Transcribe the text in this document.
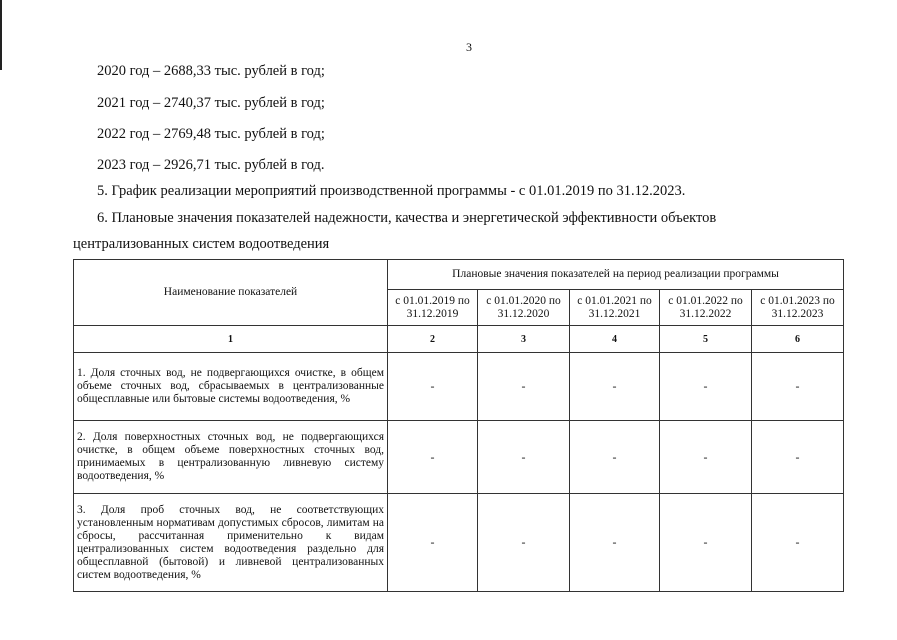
3
2020 год – 2688,33 тыс. рублей в год;
2021 год – 2740,37 тыс. рублей в год;
2022 год – 2769,48 тыс. рублей в год;
2023 год – 2926,71 тыс. рублей в год.
5. График реализации мероприятий производственной программы - с 01.01.2019 по 31.12.2023.
6. Плановые значения показателей надежности, качества и энергетической эффективности объектов
централизованных систем водоотведения
Наименование показателей	Плановые значения показателей на период реализации программы				
	с 01.01.2019 по 31.12.2019	с 01.01.2020 по 31.12.2020	с 01.01.2021 по 31.12.2021	с 01.01.2022 по 31.12.2022	с 01.01.2023 по 31.12.2023
1	2	3	4	5	6
1. Доля сточных вод, не подвергающихся очистке, в общем объеме сточных вод, сбрасываемых в централизованные общесплавные или бытовые системы водоотведения, %	-	-	-	-	-
2. Доля поверхностных сточных вод, не подвергающихся очистке, в общем объеме поверхностных сточных вод, принимаемых в централизованную ливневую систему водоотведения, %	-	-	-	-	-
3. Доля проб сточных вод, не соответствующих установленным нормативам допустимых сбросов, лимитам на сбросы, рассчитанная применительно к видам централизованных систем водоотведения раздельно для общесплавной (бытовой) и ливневой централизованных систем водоотведения, %	-	-	-	-	-
